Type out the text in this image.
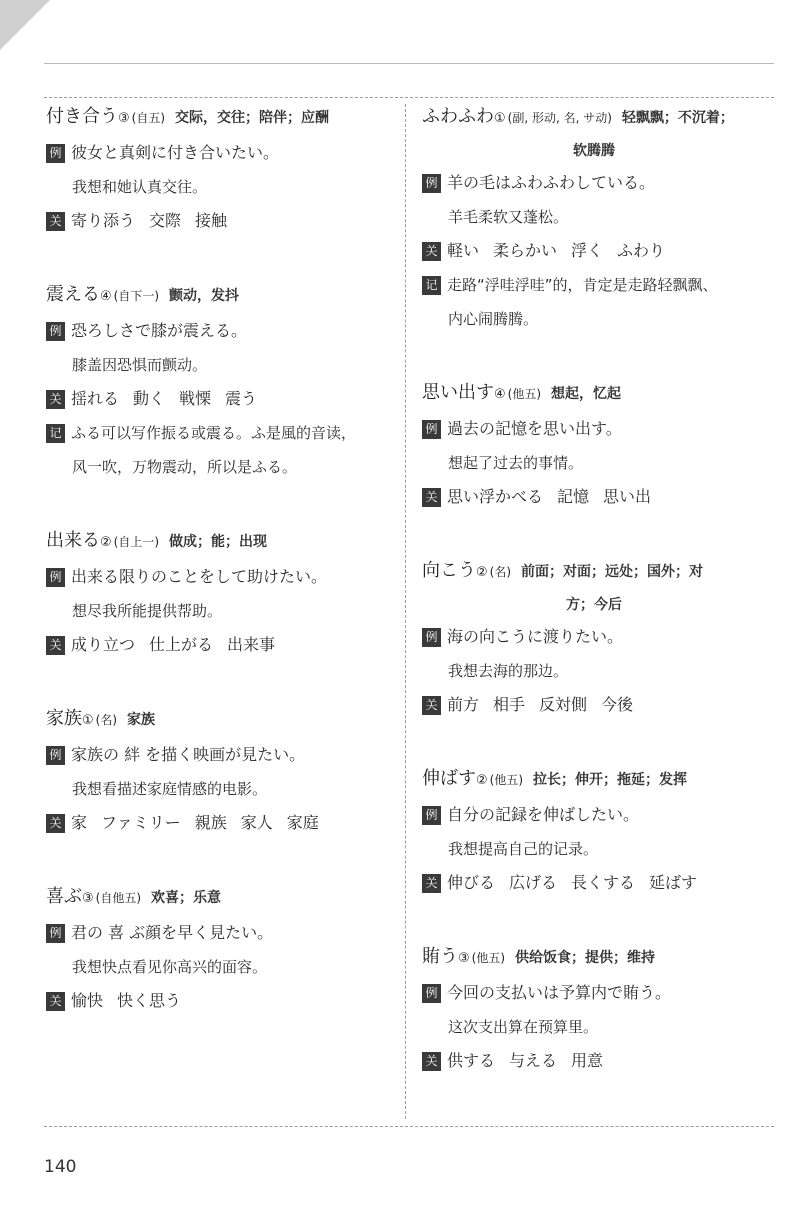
付き合う③ (自五) 交际，交往；陪伴；应酬
例 彼女と真剣に付き合いたい。
我想和她认真交往。
关 寄り添う 交際 接触
震える④ (自下一) 颤动，发抖
例 恐ろしさで膝が震える。
膝盖因恐惧而颤动。
关 揺れる 動く 戦慄 震う
记 ふる可以写作振る或震る。ふ是風的音读，
风一吹，万物震动，所以是ふる。
出来る② (自上一) 做成；能；出现
例 出来る限りのことをして助けたい。
想尽我所能提供帮助。
关 成り立つ 仕上がる 出来事
家族① (名) 家族
例 家族の 絆 を描く映画が見たい。
我想看描述家庭情感的电影。
关 家 ファミリー 親族 家人 家庭
喜ぶ③ (自他五) 欢喜；乐意
例 君の 喜 ぶ顔を早く見たい。
我想快点看见你高兴的面容。
关 愉快 快く思う
ふわふわ① (副, 形动, 名, サ动) 轻飘飘；不沉着；
软腾腾
例 羊の毛はふわふわしている。
羊毛柔软又蓬松。
关 軽い 柔らかい 浮く ふわり
记 走路“浮哇浮哇”的，肯定是走路轻飘飘、
内心闹腾腾。
思い出す④ (他五) 想起，忆起
例 過去の記憶を思い出す。
想起了过去的事情。
关 思い浮かべる 記憶 思い出
向こう② (名) 前面；对面；远处；国外；对
方；今后
例 海の向こうに渡りたい。
我想去海的那边。
关 前方 相手 反対側 今後
伸ばす② (他五) 拉长；伸开；拖延；发挥
例 自分の記録を伸ばしたい。
我想提高自己的记录。
关 伸びる 広げる 長くする 延ばす
賄う③ (他五) 供给饭食；提供；维持
例 今回の支払いは予算内で賄う。
这次支出算在预算里。
关 供する 与える 用意
140
